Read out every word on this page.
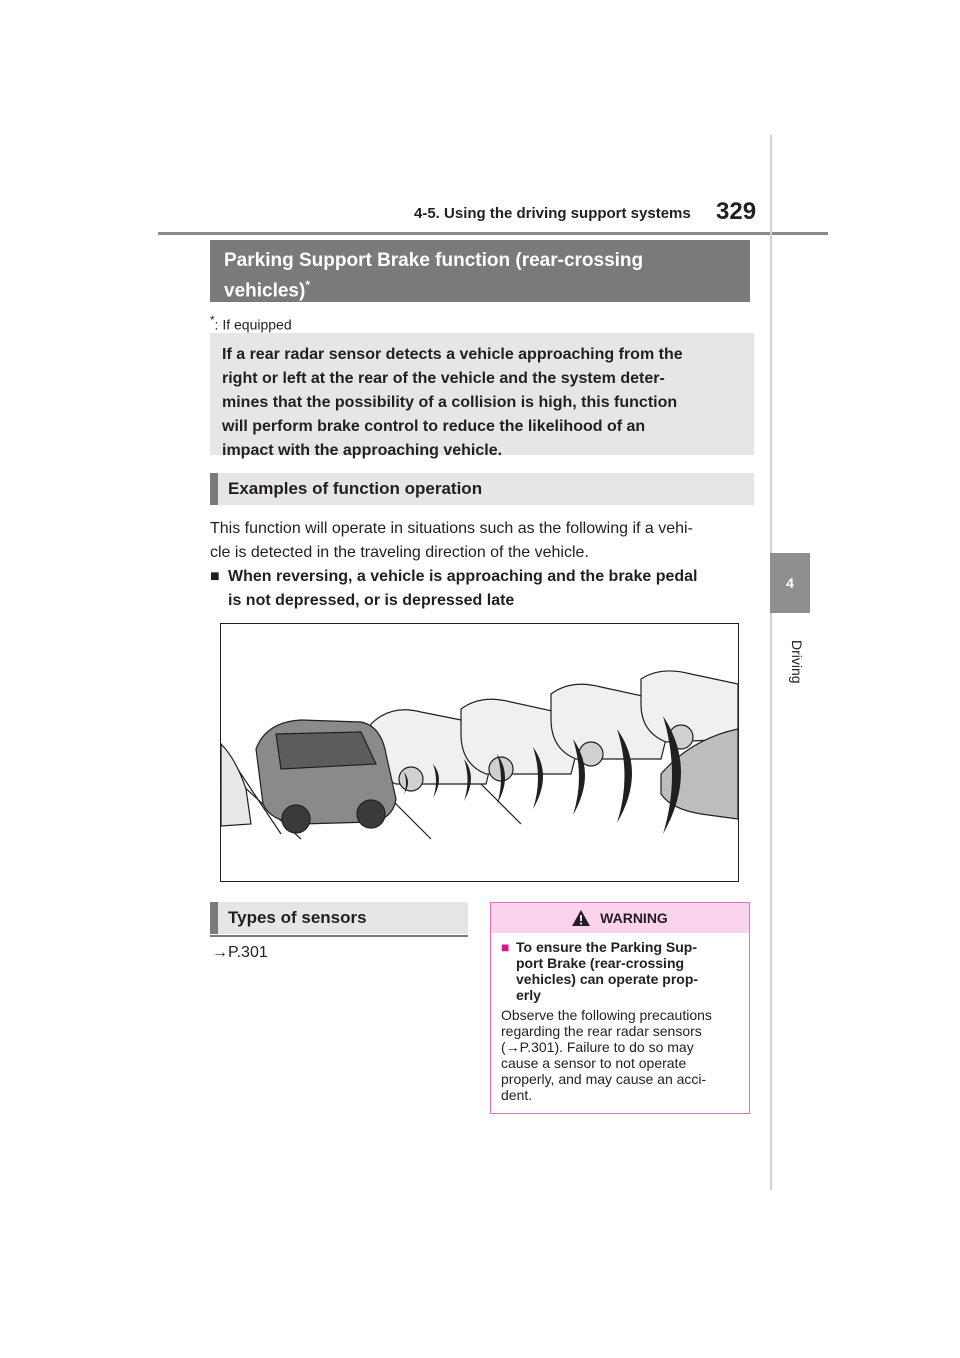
4-5. Using the driving support systems 329
4
Driving
Parking Support Brake function (rear-crossing
vehicles)*
*: If equipped
If a rear radar sensor detects a vehicle approaching from the
right or left at the rear of the vehicle and the system deter-
mines that the possibility of a collision is high, this function
will perform brake control to reduce the likelihood of an
impact with the approaching vehicle.
Examples of function operation
This function will operate in situations such as the following if a vehi-
cle is detected in the traveling direction of the vehicle.
■ When reversing, a vehicle is approaching and the brake pedal
is not depressed, or is depressed late
Types of sensors
→P.301
WARNING
■ To ensure the Parking Sup-
port Brake (rear-crossing
vehicles) can operate prop-
erly
Observe the following precautions
regarding the rear radar sensors
(→P.301). Failure to do so may
cause a sensor to not operate
properly, and may cause an acci-
dent.
